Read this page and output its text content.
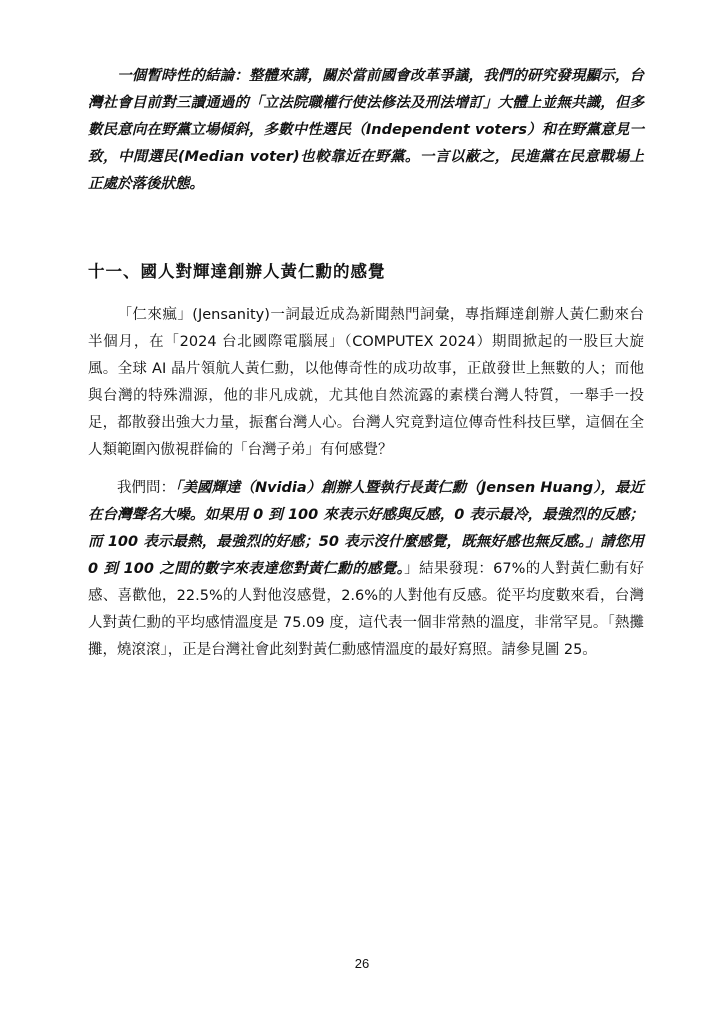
一個暫時性的結論：整體來講，關於當前國會改革爭議，我們的研究發現顯示，台灣社會目前對三讀通過的「立法院職權行使法修法及刑法增訂」大體上並無共識，但多數民意向在野黨立場傾斜，多數中性選民（Independent voters）和在野黨意見一致，中間選民(Median voter)也較靠近在野黨。一言以蔽之，民進黨在民意戰場上正處於落後狀態。

十一、國人對輝達創辦人黃仁勳的感覺

「仁來瘋」(Jensanity)一詞最近成為新聞熱門詞彙，專指輝達創辦人黃仁勳來台半個月，在「2024 台北國際電腦展」（COMPUTEX 2024）期間掀起的一股巨大旋風。全球 AI 晶片領航人黃仁勳，以他傳奇性的成功故事，正啟發世上無數的人；而他與台灣的特殊淵源，他的非凡成就，尤其他自然流露的素樸台灣人特質，一舉手一投足，都散發出強大力量，振奮台灣人心。台灣人究竟對這位傳奇性科技巨擘，這個在全人類範圍內傲視群倫的「台灣子弟」有何感覺？

我們問：「美國輝達（Nvidia）創辦人暨執行長黃仁勳（Jensen Huang），最近在台灣聲名大噪。如果用 0 到 100 來表示好感與反感，0 表示最冷，最強烈的反感；而 100 表示最熱，最強烈的好感；50 表示沒什麼感覺，既無好感也無反感。」請您用 0 到 100 之間的數字來表達您對黃仁勳的感覺。」結果發現：67%的人對黃仁勳有好感、喜歡他，22.5%的人對他沒感覺，2.6%的人對他有反感。從平均度數來看，台灣人對黃仁勳的平均感情溫度是 75.09 度，這代表一個非常熱的溫度，非常罕見。「熱攤攤，燒滾滾」，正是台灣社會此刻對黃仁勳感情溫度的最好寫照。請參見圖 25。

26
